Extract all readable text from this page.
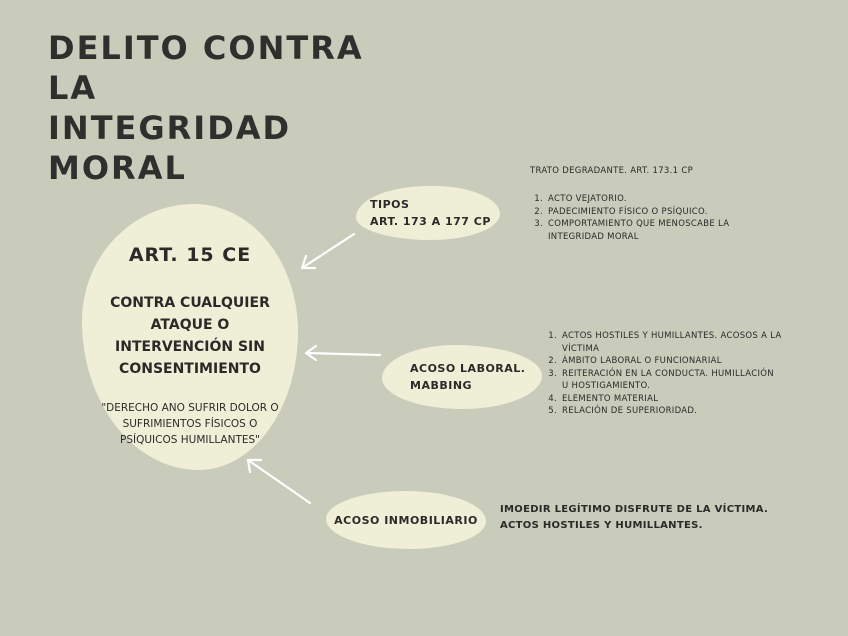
DELITO CONTRA LA
INTEGRIDAD MORAL
ART. 15 CE
CONTRA CUALQUIER
ATAQUE O
INTERVENCIÓN SIN
CONSENTIMIENTO
"DERECHO ANO SUFRIR DOLOR O
SUFRIMIENTOS FÍSICOS O
PSÍQUICOS HUMILLANTES"
TIPOS
ART. 173 A 177 CP
TRATO DEGRADANTE. ART. 173.1 CP
1. ACTO VEJATORIO.
2. PADECIMIENTO FÍSICO O PSÍQUICO.
3. COMPORTAMIENTO QUE MENOSCABE LA INTEGRIDAD MORAL
ACOSO LABORAL.
MABBING
1. ACTOS HOSTILES Y HUMILLANTES. ACOSOS A LA VÍCTIMA
2. ÁMBITO LABORAL O FUNCIONARIAL
3. REITERACIÓN EN LA CONDUCTA. HUMILLACIÓN U HOSTIGAMIENTO.
4. ELEMENTO MATERIAL
5. RELACIÓN DE SUPERIORIDAD.
ACOSO INMOBILIARIO
IMOEDIR LEGÍTIMO DISFRUTE DE LA VÍCTIMA.
ACTOS HOSTILES Y HUMILLANTES.
